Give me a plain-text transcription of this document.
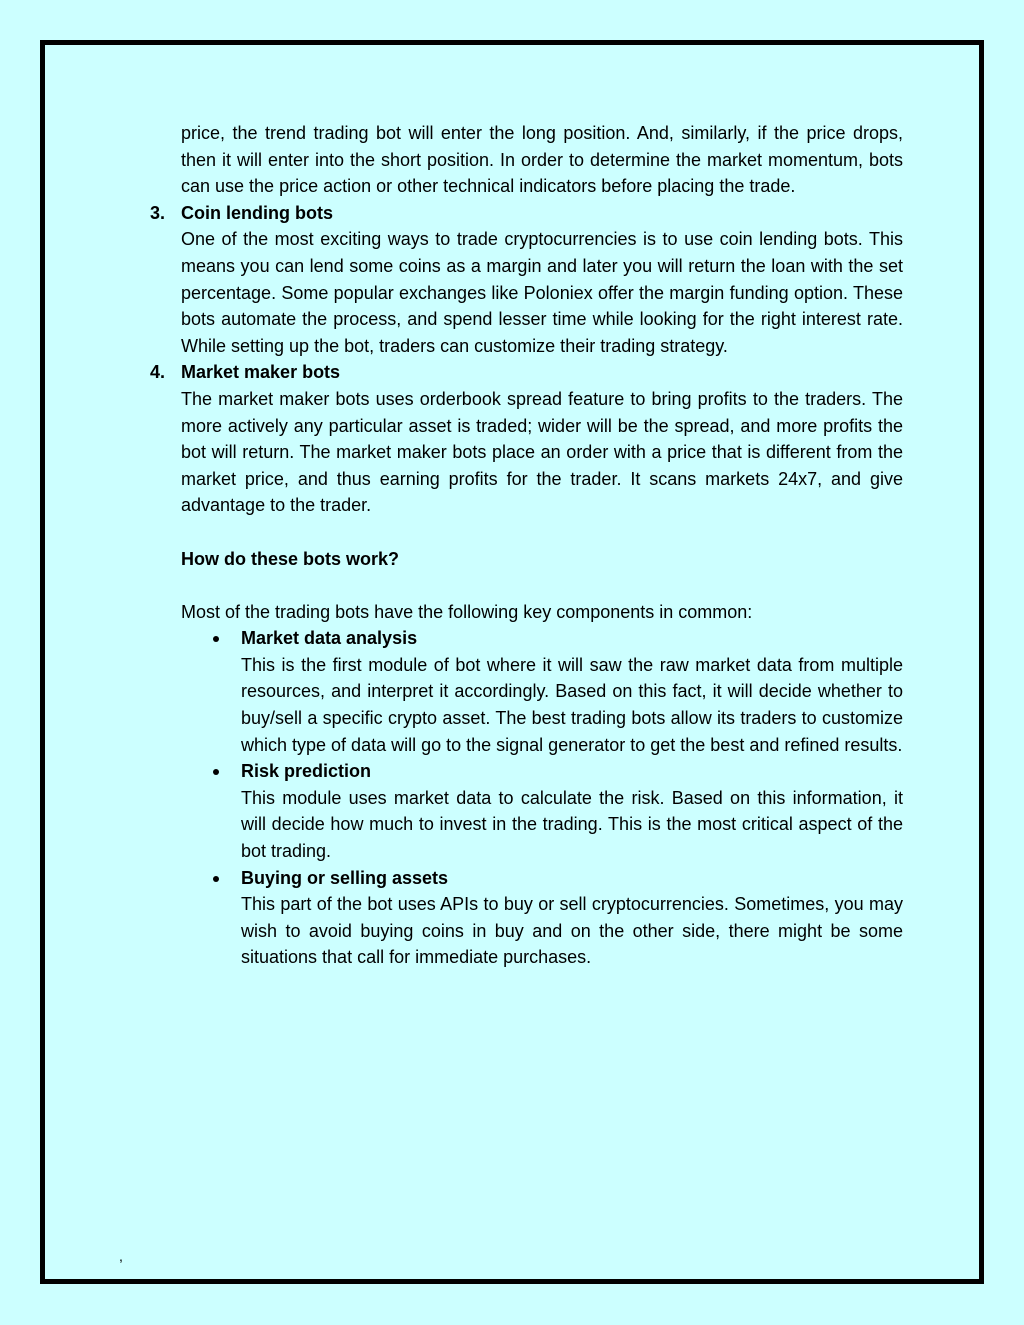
price, the trend trading bot will enter the long position. And, similarly, if the price drops, then it will enter into the short position. In order to determine the market momentum, bots can use the price action or other technical indicators before placing the trade.

3. Coin lending bots

One of the most exciting ways to trade cryptocurrencies is to use coin lending bots. This means you can lend some coins as a margin and later you will return the loan with the set percentage. Some popular exchanges like Poloniex offer the margin funding option. These bots automate the process, and spend lesser time while looking for the right interest rate. While setting up the bot, traders can customize their trading strategy.

4. Market maker bots

The market maker bots uses orderbook spread feature to bring profits to the traders. The more actively any particular asset is traded; wider will be the spread, and more profits the bot will return. The market maker bots place an order with a price that is different from the market price, and thus earning profits for the trader. It scans markets 24x7, and give advantage to the trader.

How do these bots work?

Most of the trading bots have the following key components in common:

Market data analysis

This is the first module of bot where it will saw the raw market data from multiple resources, and interpret it accordingly. Based on this fact, it will decide whether to buy/sell a specific crypto asset. The best trading bots allow its traders to customize which type of data will go to the signal generator to get the best and refined results.

Risk prediction

This module uses market data to calculate the risk. Based on this information, it will decide how much to invest in the trading. This is the most critical aspect of the bot trading.

Buying or selling assets

This part of the bot uses APIs to buy or sell cryptocurrencies. Sometimes, you may wish to avoid buying coins in buy and on the other side, there might be some situations that call for immediate purchases.

,
